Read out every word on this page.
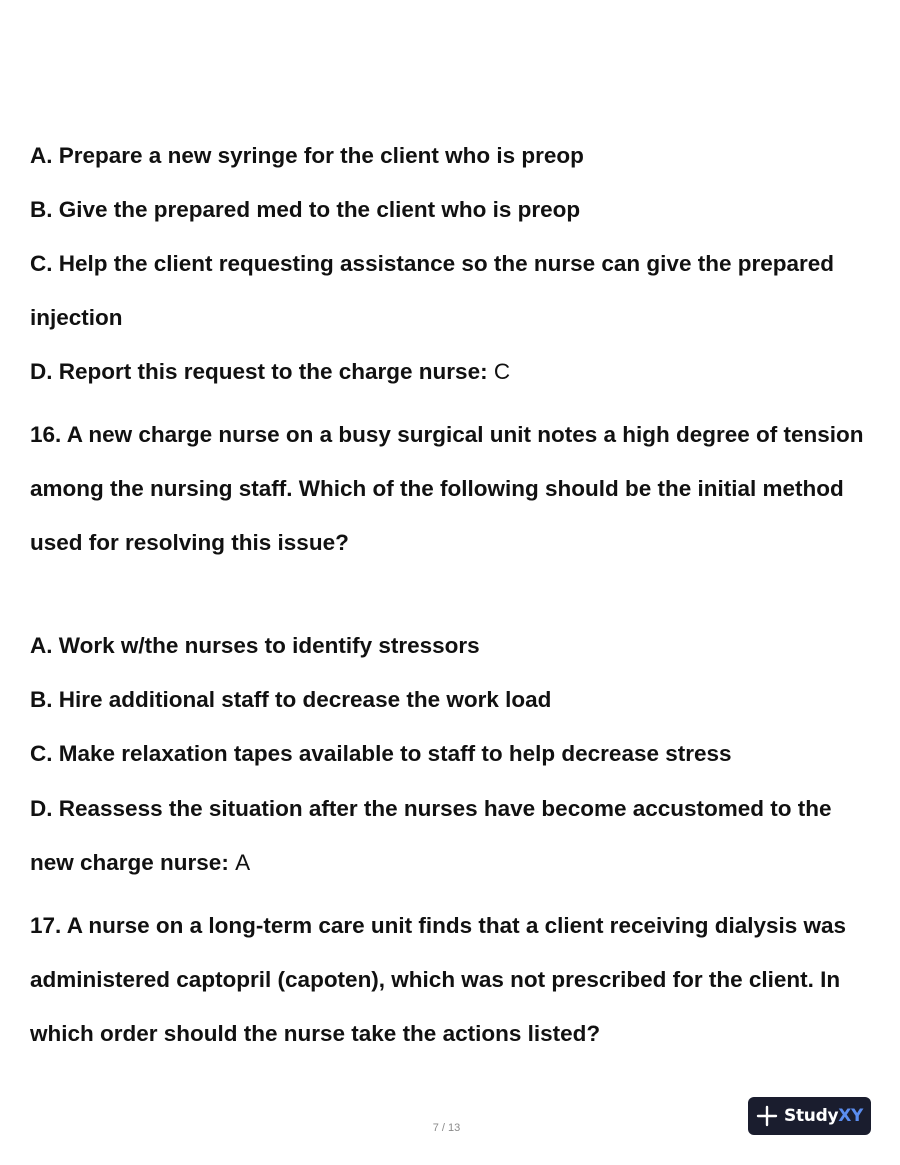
A. Prepare a new syringe for the client who is preop
B. Give the prepared med to the client who is preop
C. Help the client requesting assistance so the nurse can give the prepared
injection
D. Report this request to the charge nurse: C
16. A new charge nurse on a busy surgical unit notes a high degree of tension
among the nursing staff. Which of the following should be the initial method
used for resolving this issue?
A. Work w/the nurses to identify stressors
B. Hire additional staff to decrease the work load
C. Make relaxation tapes available to staff to help decrease stress
D. Reassess the situation after the nurses have become accustomed to the
new charge nurse: A
17. A nurse on a long-term care unit finds that a client receiving dialysis was
administered captopril (capoten), which was not prescribed for the client. In
which order should the nurse take the actions listed?
7 / 13
StudyXY
